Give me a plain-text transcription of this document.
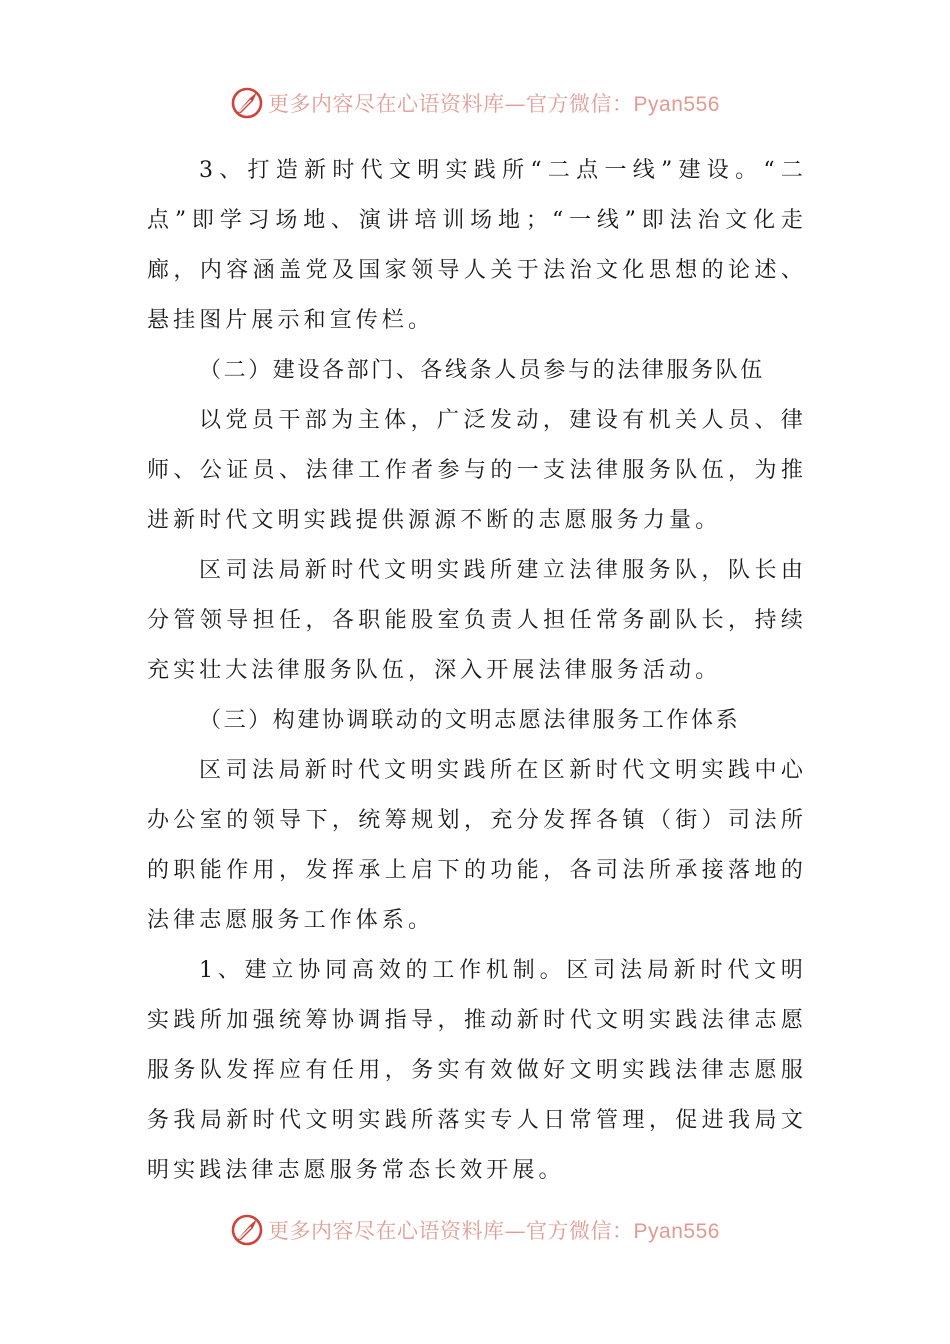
更多内容尽在心语资料库—官方微信：Pyan556

3、打造新时代文明实践所“二点一线”建设。“二点”即学习场地、演讲培训场地；“一线”即法治文化走廊，内容涵盖党及国家领导人关于法治文化思想的论述、悬挂图片展示和宣传栏。

（二）建设各部门、各线条人员参与的法律服务队伍

以党员干部为主体，广泛发动，建设有机关人员、律师、公证员、法律工作者参与的一支法律服务队伍，为推进新时代文明实践提供源源不断的志愿服务力量。

区司法局新时代文明实践所建立法律服务队，队长由分管领导担任，各职能股室负责人担任常务副队长，持续充实壮大法律服务队伍，深入开展法律服务活动。

（三）构建协调联动的文明志愿法律服务工作体系

区司法局新时代文明实践所在区新时代文明实践中心办公室的领导下，统筹规划，充分发挥各镇（街）司法所的职能作用，发挥承上启下的功能，各司法所承接落地的法律志愿服务工作体系。

1、建立协同高效的工作机制。区司法局新时代文明实践所加强统筹协调指导，推动新时代文明实践法律志愿服务队发挥应有任用，务实有效做好文明实践法律志愿服务我局新时代文明实践所落实专人日常管理，促进我局文明实践法律志愿服务常态长效开展。

更多内容尽在心语资料库—官方微信：Pyan556
